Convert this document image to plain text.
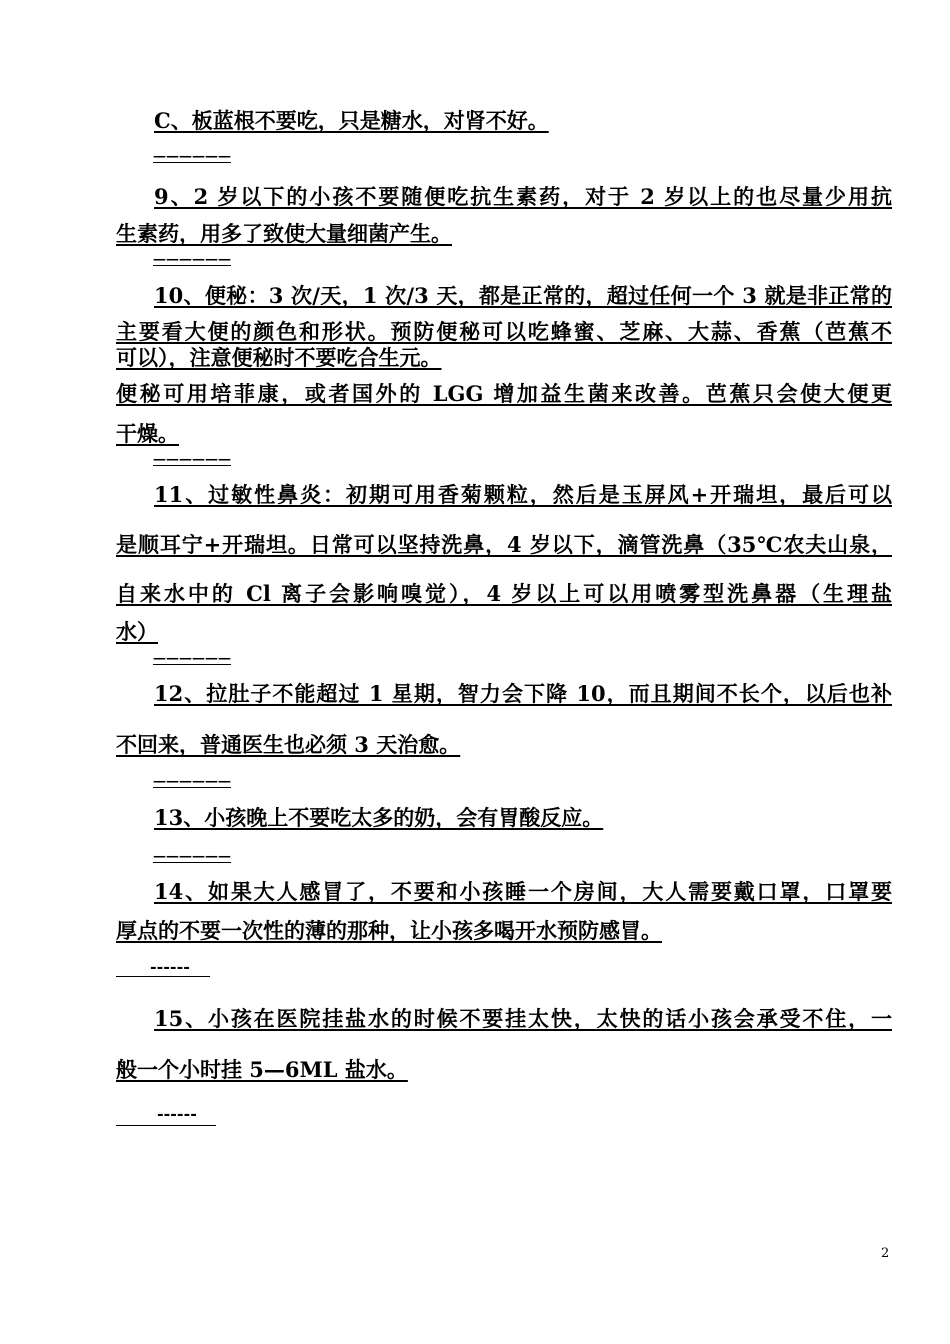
C、板蓝根不要吃，只是糖水，对肾不好。
——————
9、2 岁以下的小孩不要随便吃抗生素药，对于 2 岁以上的也尽量少用抗
生素药，用多了致使大量细菌产生。
——————
10、便秘：3 次/天，1 次/3 天，都是正常的，超过任何一个 3 就是非正常的
主要看大便的颜色和形状。预防便秘可以吃蜂蜜、芝麻、大蒜、香蕉（芭蕉不
可以），注意便秘时不要吃合生元。
便秘可用培菲康，或者国外的 LGG 增加益生菌来改善。芭蕉只会使大便更
干燥。
——————
11、过敏性鼻炎：初期可用香菊颗粒，然后是玉屏风+开瑞坦，最后可以
是顺耳宁+开瑞坦。日常可以坚持洗鼻，4 岁以下，滴管洗鼻（35℃农夫山泉，
自来水中的 Cl 离子会影响嗅觉），4 岁以上可以用喷雾型洗鼻器（生理盐
水）
——————
12、拉肚子不能超过 1 星期，智力会下降 10，而且期间不长个，以后也补
不回来，普通医生也必须 3 天治愈。
——————
13、小孩晚上不要吃太多的奶，会有胃酸反应。
——————
14、如果大人感冒了，不要和小孩睡一个房间，大人需要戴口罩，口罩要
厚点的不要一次性的薄的那种，让小孩多喝开水预防感冒。
------
15、小孩在医院挂盐水的时候不要挂太快，太快的话小孩会承受不住，一
般一个小时挂 5—6ML 盐水。
------
2
